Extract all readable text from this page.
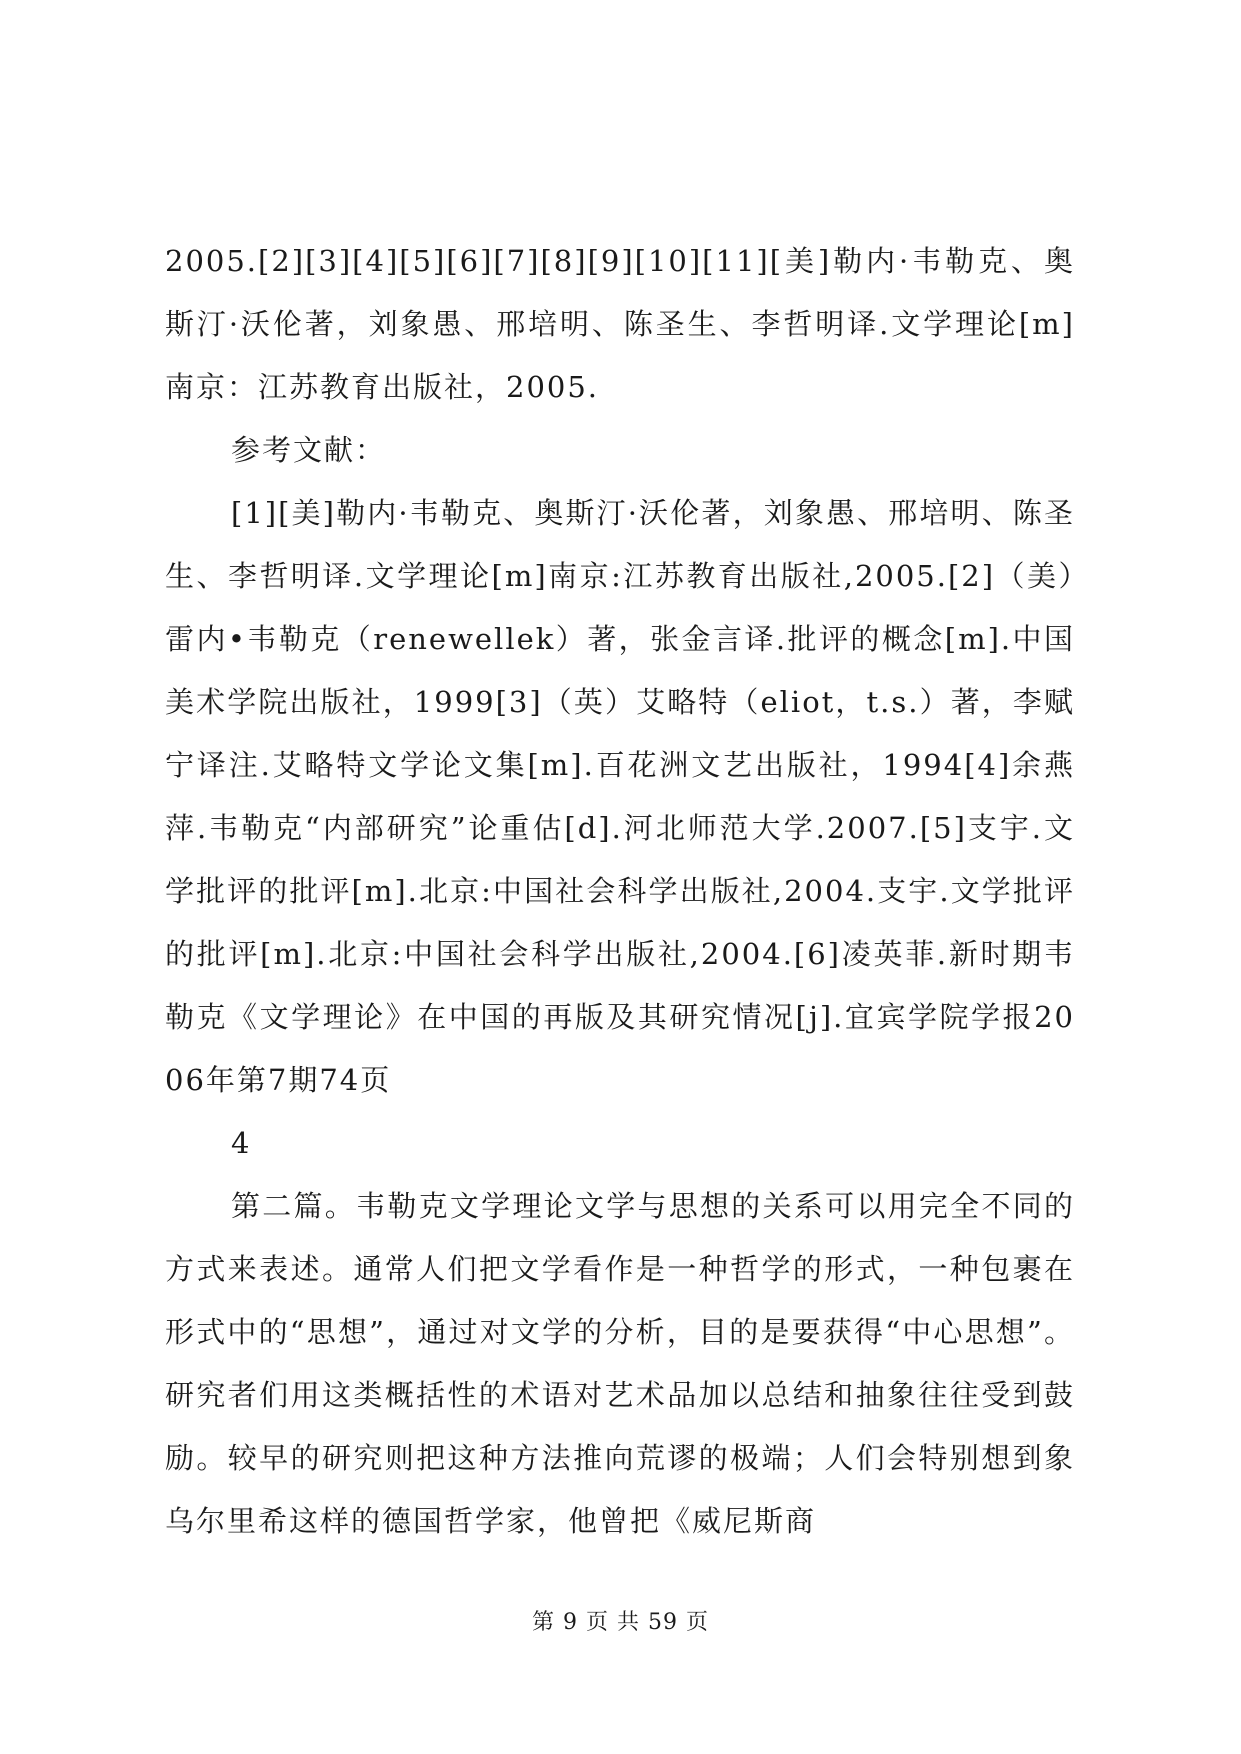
2005.[2][3][4][5][6][7][8][9][10][11][美]勒内·韦勒克、奥斯汀·沃伦著，刘象愚、邢培明、陈圣生、李哲明译.文学理论[m]南京：江苏教育出版社，2005.

参考文献：

[1][美]勒内·韦勒克、奥斯汀·沃伦著，刘象愚、邢培明、陈圣生、李哲明译.文学理论[m]南京:江苏教育出版社,2005.[2]（美）雷内•韦勒克（renewellek）著，张金言译.批评的概念[m].中国美术学院出版社，1999[3]（英）艾略特（eliot，t.s.）著，李赋宁译注.艾略特文学论文集[m].百花洲文艺出版社，1994[4]余燕萍.韦勒克“内部研究”论重估[d].河北师范大学.2007.[5]支宇.文学批评的批评[m].北京:中国社会科学出版社,2004.支宇.文学批评的批评[m].北京:中国社会科学出版社,2004.[6]凌英菲.新时期韦勒克《文学理论》在中国的再版及其研究情况[j].宜宾学院学报2006年第7期74页

4

第二篇。韦勒克文学理论文学与思想的关系可以用完全不同的方式来表述。通常人们把文学看作是一种哲学的形式，一种包裹在形式中的“思想”，通过对文学的分析，目的是要获得“中心思想”。研究者们用这类概括性的术语对艺术品加以总结和抽象往往受到鼓励。较早的研究则把这种方法推向荒谬的极端；人们会特别想到象乌尔里希这样的德国哲学家，他曾把《威尼斯商

第 9 页 共 59 页
